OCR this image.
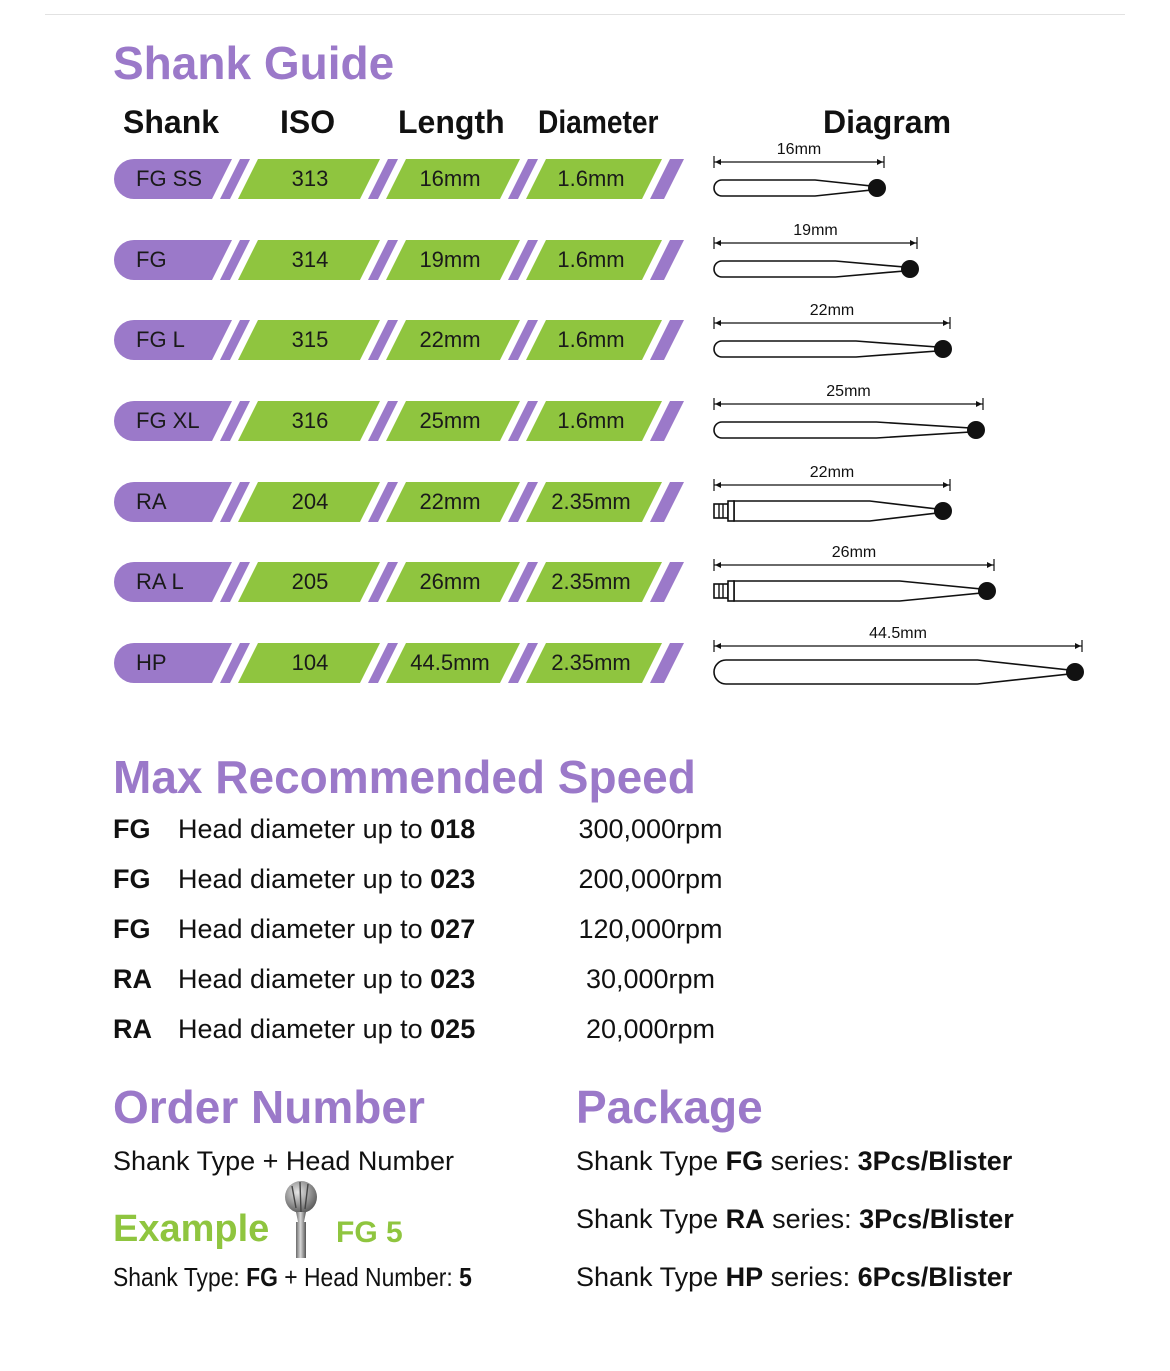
Shank Guide
Shank ISO Length Diameter	Diagram
FG SS	313	16mm	1.6mm
FG	314	19mm	1.6mm
FG L	315	22mm	1.6mm
FG XL	316	25mm	1.6mm
RA	204	22mm	2.35mm
RA L	205	26mm	2.35mm
HP	104	44.5mm	2.35mm
Max Recommended Speed
FG Head diameter up to 018	300,000rpm
FG Head diameter up to 023	200,000rpm
FG Head diameter up to 027	120,000rpm
RA Head diameter up to 023	30,000rpm
RA Head diameter up to 025	20,000rpm
Order Number
Shank Type + Head Number
Example FG 5
Shank Type: FG + Head Number: 5
Package
Shank Type FG series: 3Pcs/Blister
Shank Type RA series: 3Pcs/Blister
Shank Type HP series: 6Pcs/Blister
16mm
19mm
22mm
25mm
22mm
26mm
44.5mm
